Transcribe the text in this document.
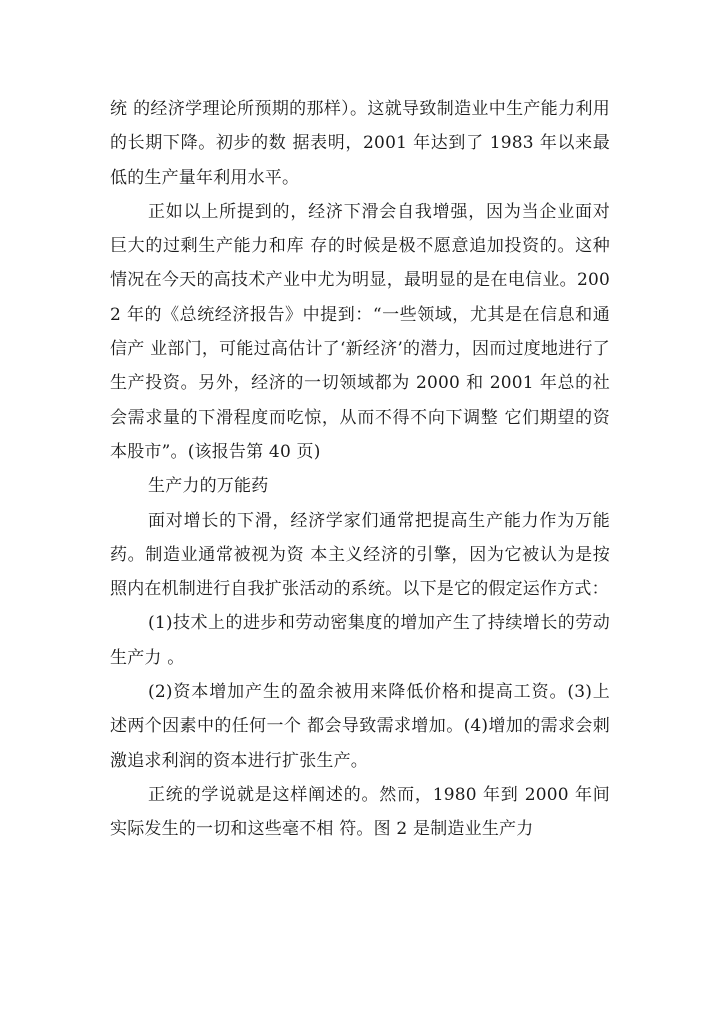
统 的经济学理论所预期的那样）。这就导致制造业中生产能力利用的长期下降。初步的数 据表明，2001 年达到了 1983 年以来最低的生产量年利用水平。

正如以上所提到的，经济下滑会自我增强，因为当企业面对巨大的过剩生产能力和库 存的时候是极不愿意追加投资的。这种情况在今天的高技术产业中尤为明显，最明显的是在电信业。2002 年的《总统经济报告》中提到：“一些领域，尤其是在信息和通信产 业部门，可能过高估计了‘新经济’的潜力，因而过度地进行了生产投资。另外，经济的一切领域都为 2000 和 2001 年总的社会需求量的下滑程度而吃惊，从而不得不向下调整 它们期望的资本股市”。(该报告第 40 页)

生产力的万能药

面对增长的下滑，经济学家们通常把提高生产能力作为万能药。制造业通常被视为资 本主义经济的引擎，因为它被认为是按照内在机制进行自我扩张活动的系统。以下是它的假定运作方式：

(1)技术上的进步和劳动密集度的增加产生了持续增长的劳动生产力 。

(2)资本增加产生的盈余被用来降低价格和提高工资。(3)上述两个因素中的任何一个 都会导致需求增加。(4)增加的需求会刺激追求利润的资本进行扩张生产。

正统的学说就是这样阐述的。然而，1980 年到 2000 年间实际发生的一切和这些毫不相 符。图 2 是制造业生产力
